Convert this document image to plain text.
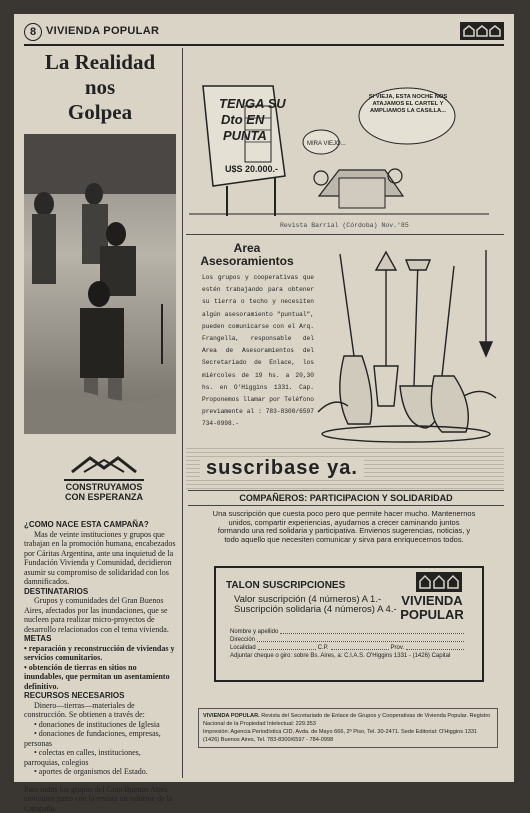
8 VIVIENDA POPULAR
La Realidad
nos
Golpea
CONSTRUYAMOS
CON ESPERANZA

¿COMO NACE ESTA CAMPAÑA?

Mas de veinte instituciones y grupos que trabajan en la promoción humana, encabezados por Cáritas Argentina, ante una inquietud de la Fundación Vivienda y Comunidad, decidieron asumir su compromiso de solidaridad con los damnificados.

DESTINATARIOS

Grupos y comunidades del Gran Buenos Aires, afectados por las inundaciones, que se nucleen para realizar micro-proyectos de desarrollo relacionados con el tema vivienda.

METAS

• reparación y reconstrucción de viviendas y servicios comunitarios.

• obtención de tierras en sitios no inundables, que permitan un asentamiento definitivo.

RECURSOS NECESARIOS

Dinero—tierras—materiales de construcción. Se obtienen a través de:

• donaciones de instituciones de Iglesia

• donaciones de fundaciones, empresas, personas

• colectas en calles, instituciones, parroquias, colegios

• aportes de organismos del Estado.

Para todos los grupos del Gran Buenos Aires enviamos junto con la revista un informe de la Campaña.

TENGA SU
Dto EN
PUNTA
U$S 20.000.-
MIRA VIEJO...
SI VIEJA, ESTA NOCHE NOS ATAJAMOS EL CARTEL Y AMPLIAMOS LA CASILLA...
Revista Barrial (Córdoba) Nov.'85
Area
Asesoramientos

Los grupos y cooperativas que estén trabajando para obtener su tierra o techo y necesiten algún asesoramiento "puntual", pueden comunicarse con el Arq. Frangella, responsable del Area de Asesoramientos del Secretariado de Enlace, los miércoles de 19 hs. a 20,30 hs. en O'Higgins 1331. Cap. Proponemos llamar por Teléfono previamente al : 783-8300/6597 734-0998.-

suscribase ya.
COMPAÑEROS: PARTICIPACION Y SOLIDARIDAD
Una suscripción que cuesta poco pero que permite hacer mucho. Mantenernos unidos, compartir experiencias, ayudarnos a crecer caminando juntos formando una red solidaria y participativa. Envienos sugerencias, noticias, y todo aquello que necesiten comunicar y sirva para enriquecernos todos.
TALON SUSCRIPCIONES
Valor suscripción (4 números) A 1.-
Suscripción solidaria (4 números) A 4.-
VIVIENDA
POPULAR
Nombre y apellido
Dirección
Localidad	C.P.	Prov.
Adjuntar cheque o giro: sobre Bs. Aires, a: C.I.A.S. O'Higgins 1331 - (1426) Capital

VIVIENDA POPULAR. Revista del Secretariado de Enlace de Grupos y Cooperativas de Vivienda Popular. Registro Nacional de la Propiedad Intelectual: 229.353

Impresión: Agencia Periodística CID, Avda. de Mayo 666, 2º Piso, Tel. 30-2471. Sede Editorial: O'Higgins 1331 (1426) Buenos Aires, Tel. 783-8300/6597 - 784-0998
